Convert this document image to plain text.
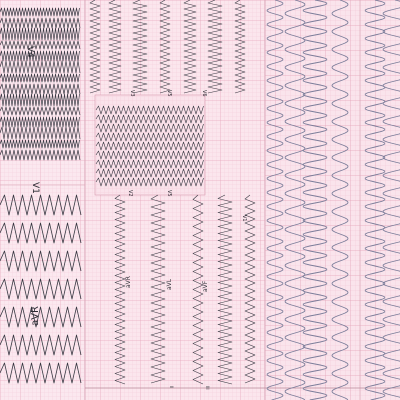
V4
V1
aVR
aVR	aVL	aVF
V3	V5	V6
V2	V5
V1
II	III
